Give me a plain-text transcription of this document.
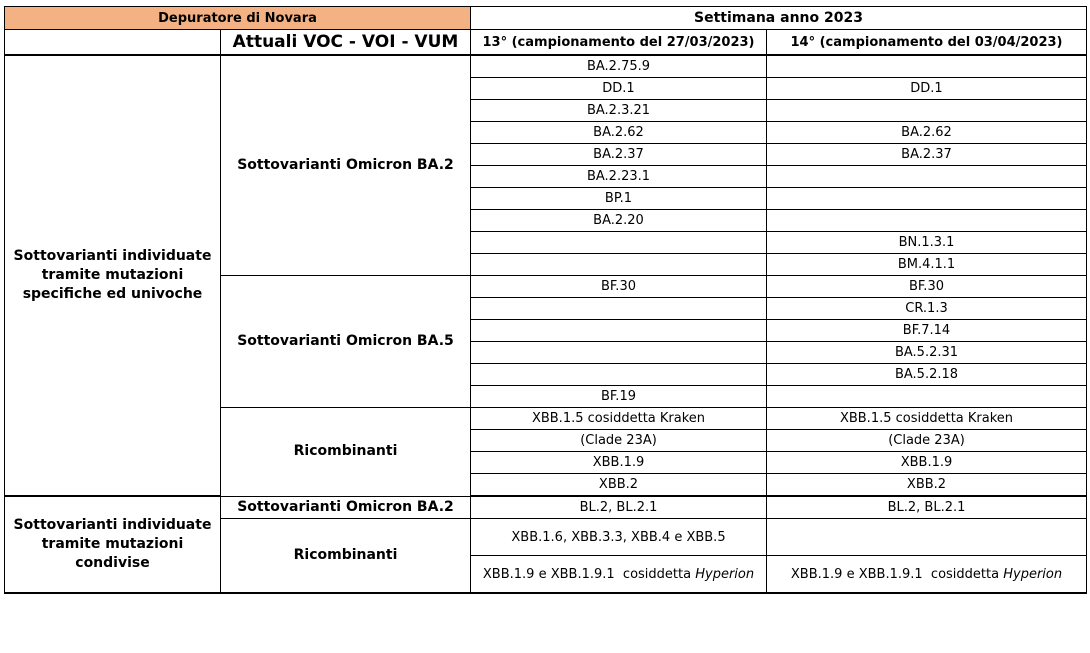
Depuratore di Novara		Settimana anno 2023	
	Attuali VOC - VOI - VUM	13° (campionamento del 27/03/2023)	14° (campionamento del 03/04/2023)
Sottovarianti individuate tramite mutazioni specifiche ed univoche	Sottovarianti Omicron BA.2	BA.2.75.9	
		DD.1	DD.1
		BA.2.3.21	
		BA.2.62	BA.2.62
		BA.2.37	BA.2.37
		BA.2.23.1	
		BP.1	
		BA.2.20	
			BN.1.3.1
			BM.4.1.1
	Sottovarianti Omicron BA.5	BF.30	BF.30
			CR.1.3
			BF.7.14
			BA.5.2.31
			BA.5.2.18
		BF.19	
	Ricombinanti	XBB.1.5 cosiddetta Kraken	XBB.1.5 cosiddetta Kraken
		(Clade 23A)	(Clade 23A)
		XBB.1.9	XBB.1.9
		XBB.2	XBB.2
Sottovarianti individuate tramite mutazioni condivise	Sottovarianti Omicron BA.2	BL.2, BL.2.1	BL.2, BL.2.1
	Ricombinanti	XBB.1.6, XBB.3.3, XBB.4 e XBB.5	
		XBB.1.9 e XBB.1.9.1  cosiddetta Hyperion	XBB.1.9 e XBB.1.9.1  cosiddetta Hyperion
